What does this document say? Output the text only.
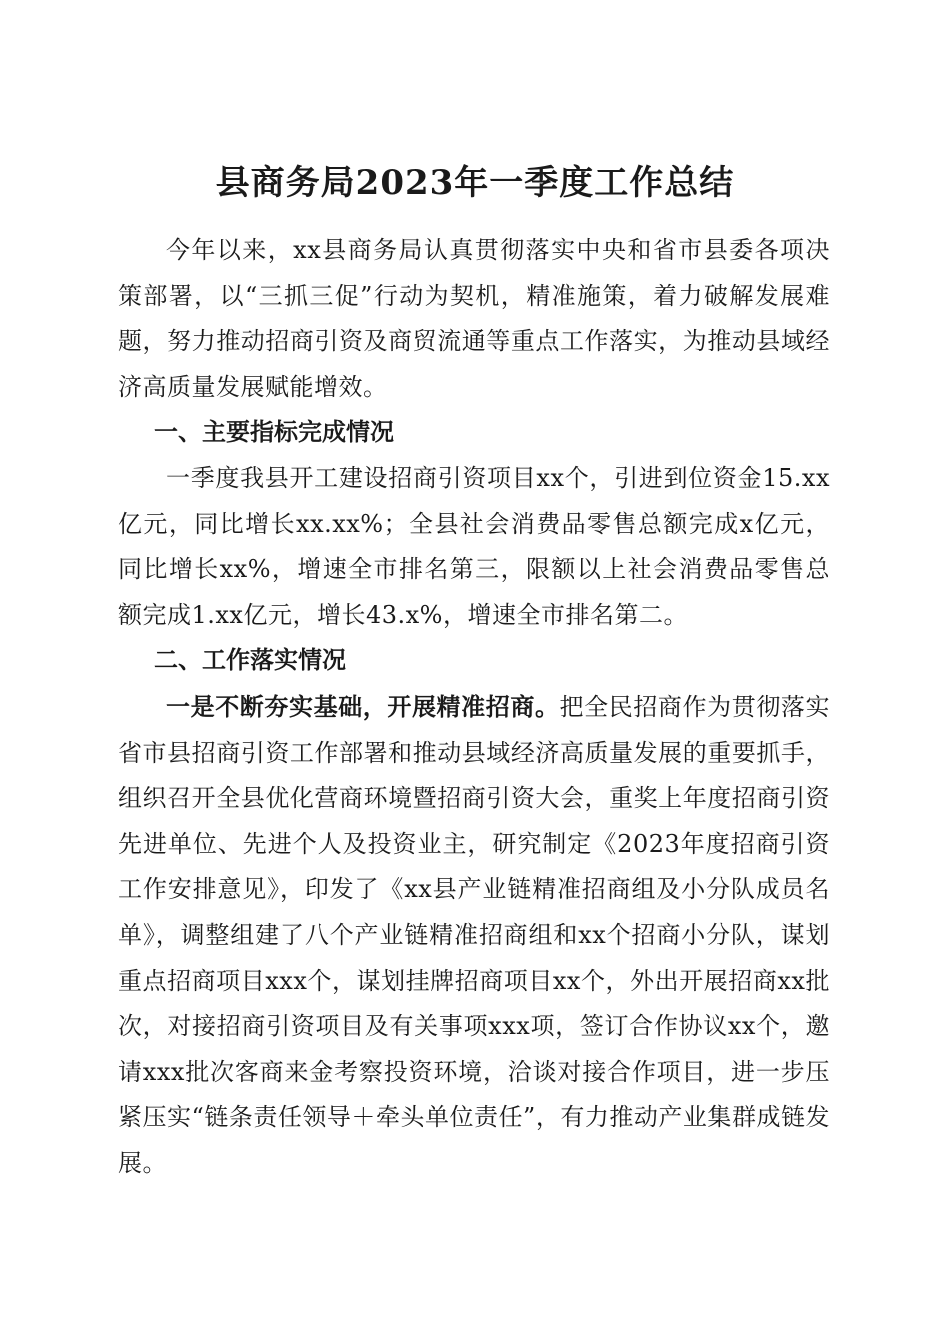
县商务局2023年一季度工作总结

今年以来，xx县商务局认真贯彻落实中央和省市县委各项决策部署，以“三抓三促”行动为契机，精准施策，着力破解发展难题，努力推动招商引资及商贸流通等重点工作落实，为推动县域经济高质量发展赋能增效。

一、主要指标完成情况

一季度我县开工建设招商引资项目xx个，引进到位资金15.xx亿元，同比增长xx.xx%；全县社会消费品零售总额完成x亿元，同比增长xx%，增速全市排名第三，限额以上社会消费品零售总额完成1.xx亿元，增长43.x%，增速全市排名第二。

二、工作落实情况

一是不断夯实基础，开展精准招商。把全民招商作为贯彻落实省市县招商引资工作部署和推动县域经济高质量发展的重要抓手，组织召开全县优化营商环境暨招商引资大会，重奖上年度招商引资先进单位、先进个人及投资业主，研究制定《2023年度招商引资工作安排意见》，印发了《xx县产业链精准招商组及小分队成员名单》，调整组建了八个产业链精准招商组和xx个招商小分队，谋划重点招商项目xxx个，谋划挂牌招商项目xx个，外出开展招商xx批次，对接招商引资项目及有关事项xxx项，签订合作协议xx个，邀请xxx批次客商来金考察投资环境，洽谈对接合作项目，进一步压紧压实“链条责任领导＋牵头单位责任”，有力推动产业集群成链发展。
